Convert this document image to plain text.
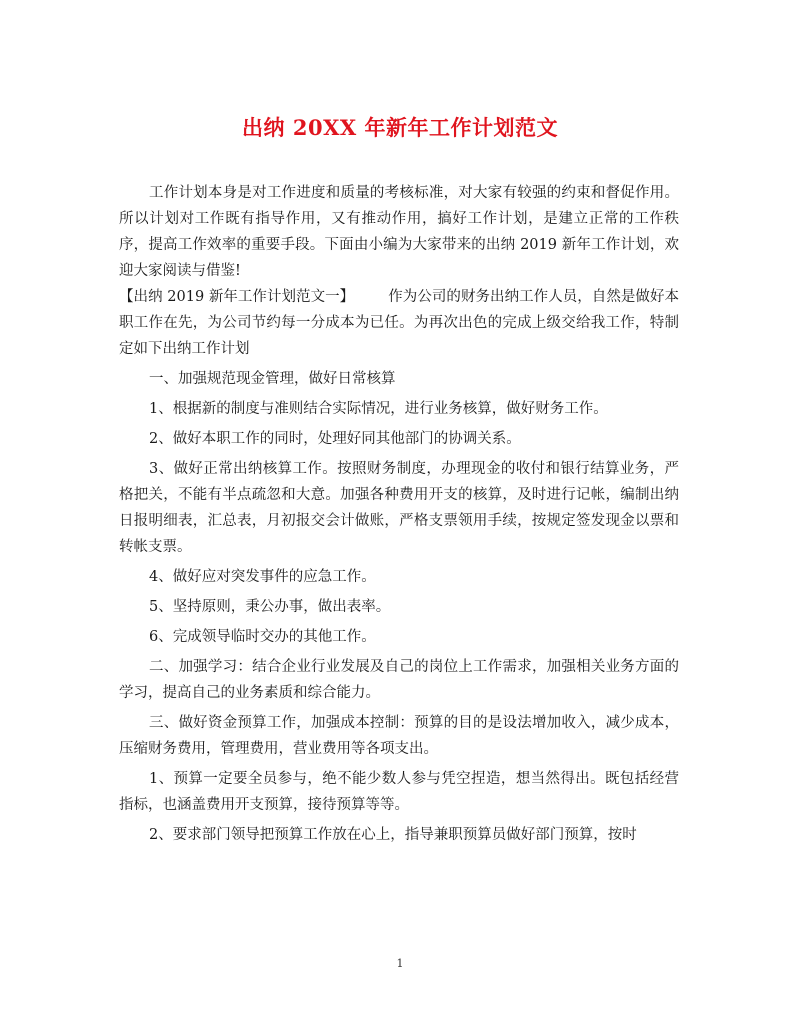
出纳 20XX 年新年工作计划范文

工作计划本身是对工作进度和质量的考核标准，对大家有较强的约束和督促作用。所以计划对工作既有指导作用，又有推动作用，搞好工作计划，是建立正常的工作秩序，提高工作效率的重要手段。下面由小编为大家带来的出纳 2019 新年工作计划，欢迎大家阅读与借鉴!

【出纳 2019 新年工作计划范文一】 作为公司的财务出纳工作人员，自然是做好本职工作在先，为公司节约每一分成本为已任。为再次出色的完成上级交给我工作，特制定如下出纳工作计划

一、加强规范现金管理，做好日常核算

1、根据新的制度与准则结合实际情况，进行业务核算，做好财务工作。

2、做好本职工作的同时，处理好同其他部门的协调关系。

3、做好正常出纳核算工作。按照财务制度，办理现金的收付和银行结算业务，严格把关，不能有半点疏忽和大意。加强各种费用开支的核算，及时进行记帐，编制出纳日报明细表，汇总表，月初报交会计做账，严格支票领用手续，按规定签发现金以票和转帐支票。

4、做好应对突发事件的应急工作。

5、坚持原则，秉公办事，做出表率。

6、完成领导临时交办的其他工作。

二、加强学习：结合企业行业发展及自己的岗位上工作需求，加强相关业务方面的学习，提高自己的业务素质和综合能力。

三、做好资金预算工作，加强成本控制：预算的目的是设法增加收入，减少成本，压缩财务费用，管理费用，营业费用等各项支出。

1、预算一定要全员参与，绝不能少数人参与凭空捏造，想当然得出。既包括经营指标，也涵盖费用开支预算，接待预算等等。

2、要求部门领导把预算工作放在心上，指导兼职预算员做好部门预算，按时

1
